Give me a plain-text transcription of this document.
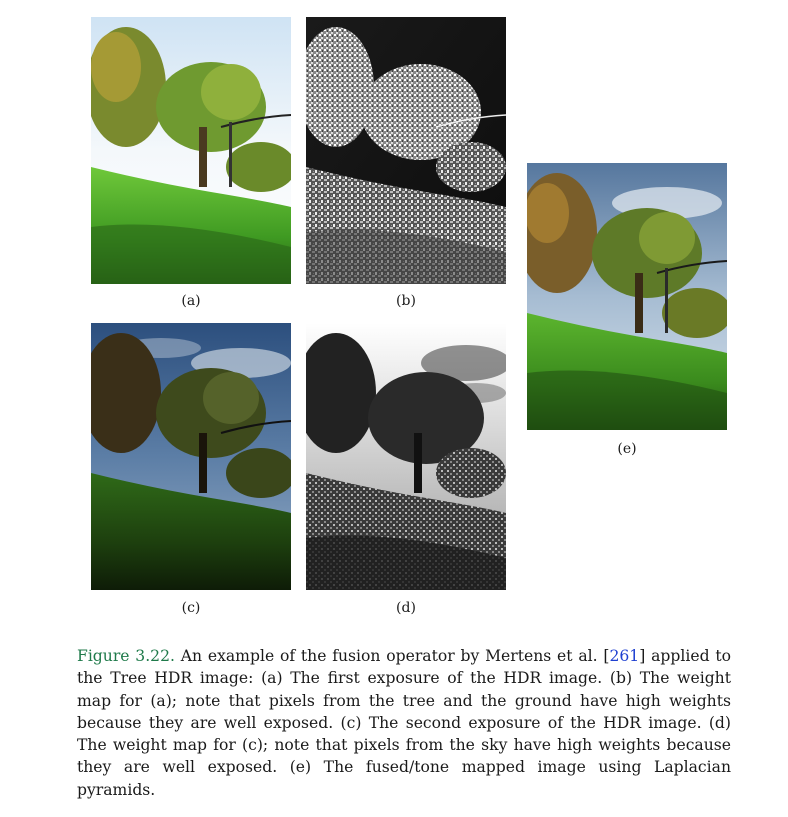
(a)	(b)
(c)	(d)
(e)
Figure 3.22. An example of the fusion operator by Mertens et al. [261] applied to the Tree HDR image: (a) The first exposure of the HDR image. (b) The weight map for (a); note that pixels from the tree and the ground have high weights because they are well exposed. (c) The second exposure of the HDR image. (d) The weight map for (c); note that pixels from the sky have high weights because they are well exposed. (e) The fused/tone mapped image using Laplacian pyramids.
